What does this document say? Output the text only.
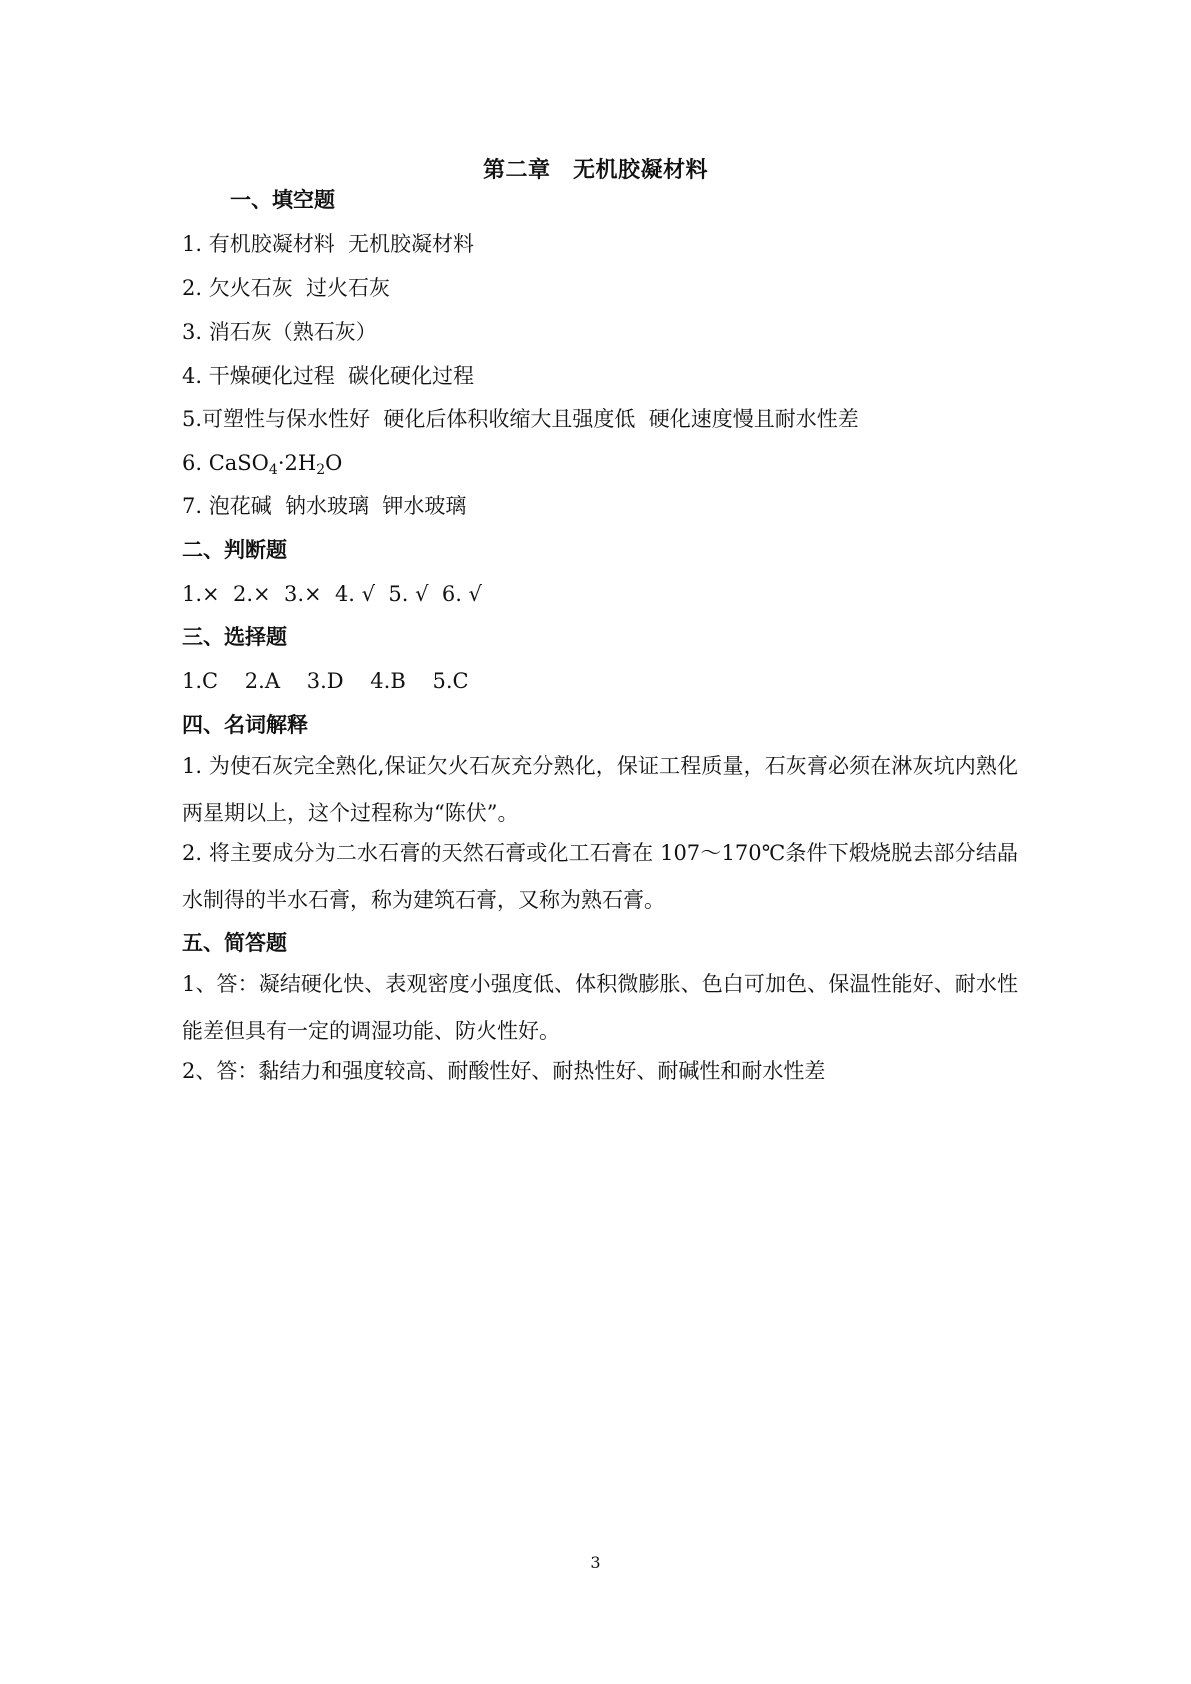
第二章　无机胶凝材料
一、填空题
1. 有机胶凝材料  无机胶凝材料
2. 欠火石灰  过火石灰
3. 消石灰（熟石灰）
4. 干燥硬化过程  碳化硬化过程
5.可塑性与保水性好  硬化后体积收缩大且强度低  硬化速度慢且耐水性差
6. $CaSO_4\cdot 2H_2O$
7. 泡花碱  钠水玻璃  钾水玻璃
二、判断题
1.×  2.×  3.×  4. √  5. √  6. √
三、选择题
1.C    2.A    3.D    4.B    5.C
四、名词解释
1. 为使石灰完全熟化,保证欠火石灰充分熟化，保证工程质量，石灰膏必须在淋灰坑内熟化两星期以上，这个过程称为“陈伏”。
2. 将主要成分为二水石膏的天然石膏或化工石膏在 107～170℃条件下煅烧脱去部分结晶水制得的半水石膏，称为建筑石膏，又称为熟石膏。
五、简答题
1、答：凝结硬化快、表观密度小强度低、体积微膨胀、色白可加色、保温性能好、耐水性能差但具有一定的调湿功能、防火性好。
2、答：黏结力和强度较高、耐酸性好、耐热性好、耐碱性和耐水性差
3
